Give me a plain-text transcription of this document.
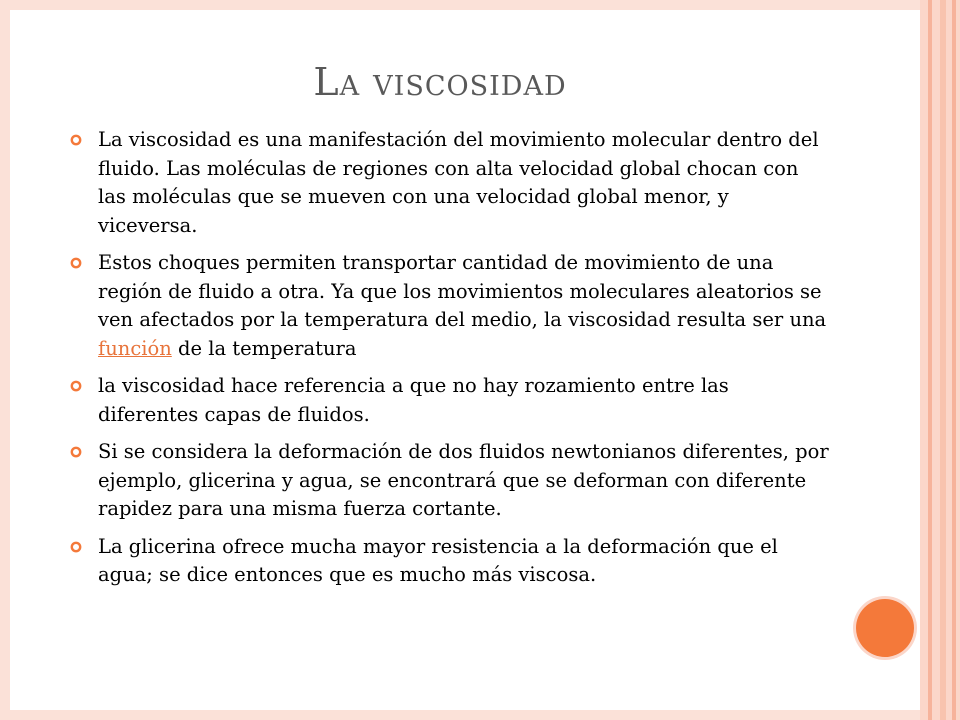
La viscosidad
La viscosidad es una manifestación del movimiento molecular dentro del fluido. Las moléculas de regiones con alta velocidad global chocan con las moléculas que se mueven con una velocidad global menor, y viceversa.
Estos choques permiten transportar cantidad de movimiento de una región de fluido a otra. Ya que los movimientos moleculares aleatorios se ven afectados por la temperatura del medio, la viscosidad resulta ser una función de la temperatura
la viscosidad hace referencia a que no hay rozamiento entre las diferentes capas de fluidos.
Si se considera la deformación de dos fluidos newtonianos diferentes, por ejemplo, glicerina y agua, se encontrará que se deforman con diferente rapidez para una misma fuerza cortante.
La glicerina ofrece mucha mayor resistencia a la deformación que el agua; se dice entonces que es mucho más viscosa.
